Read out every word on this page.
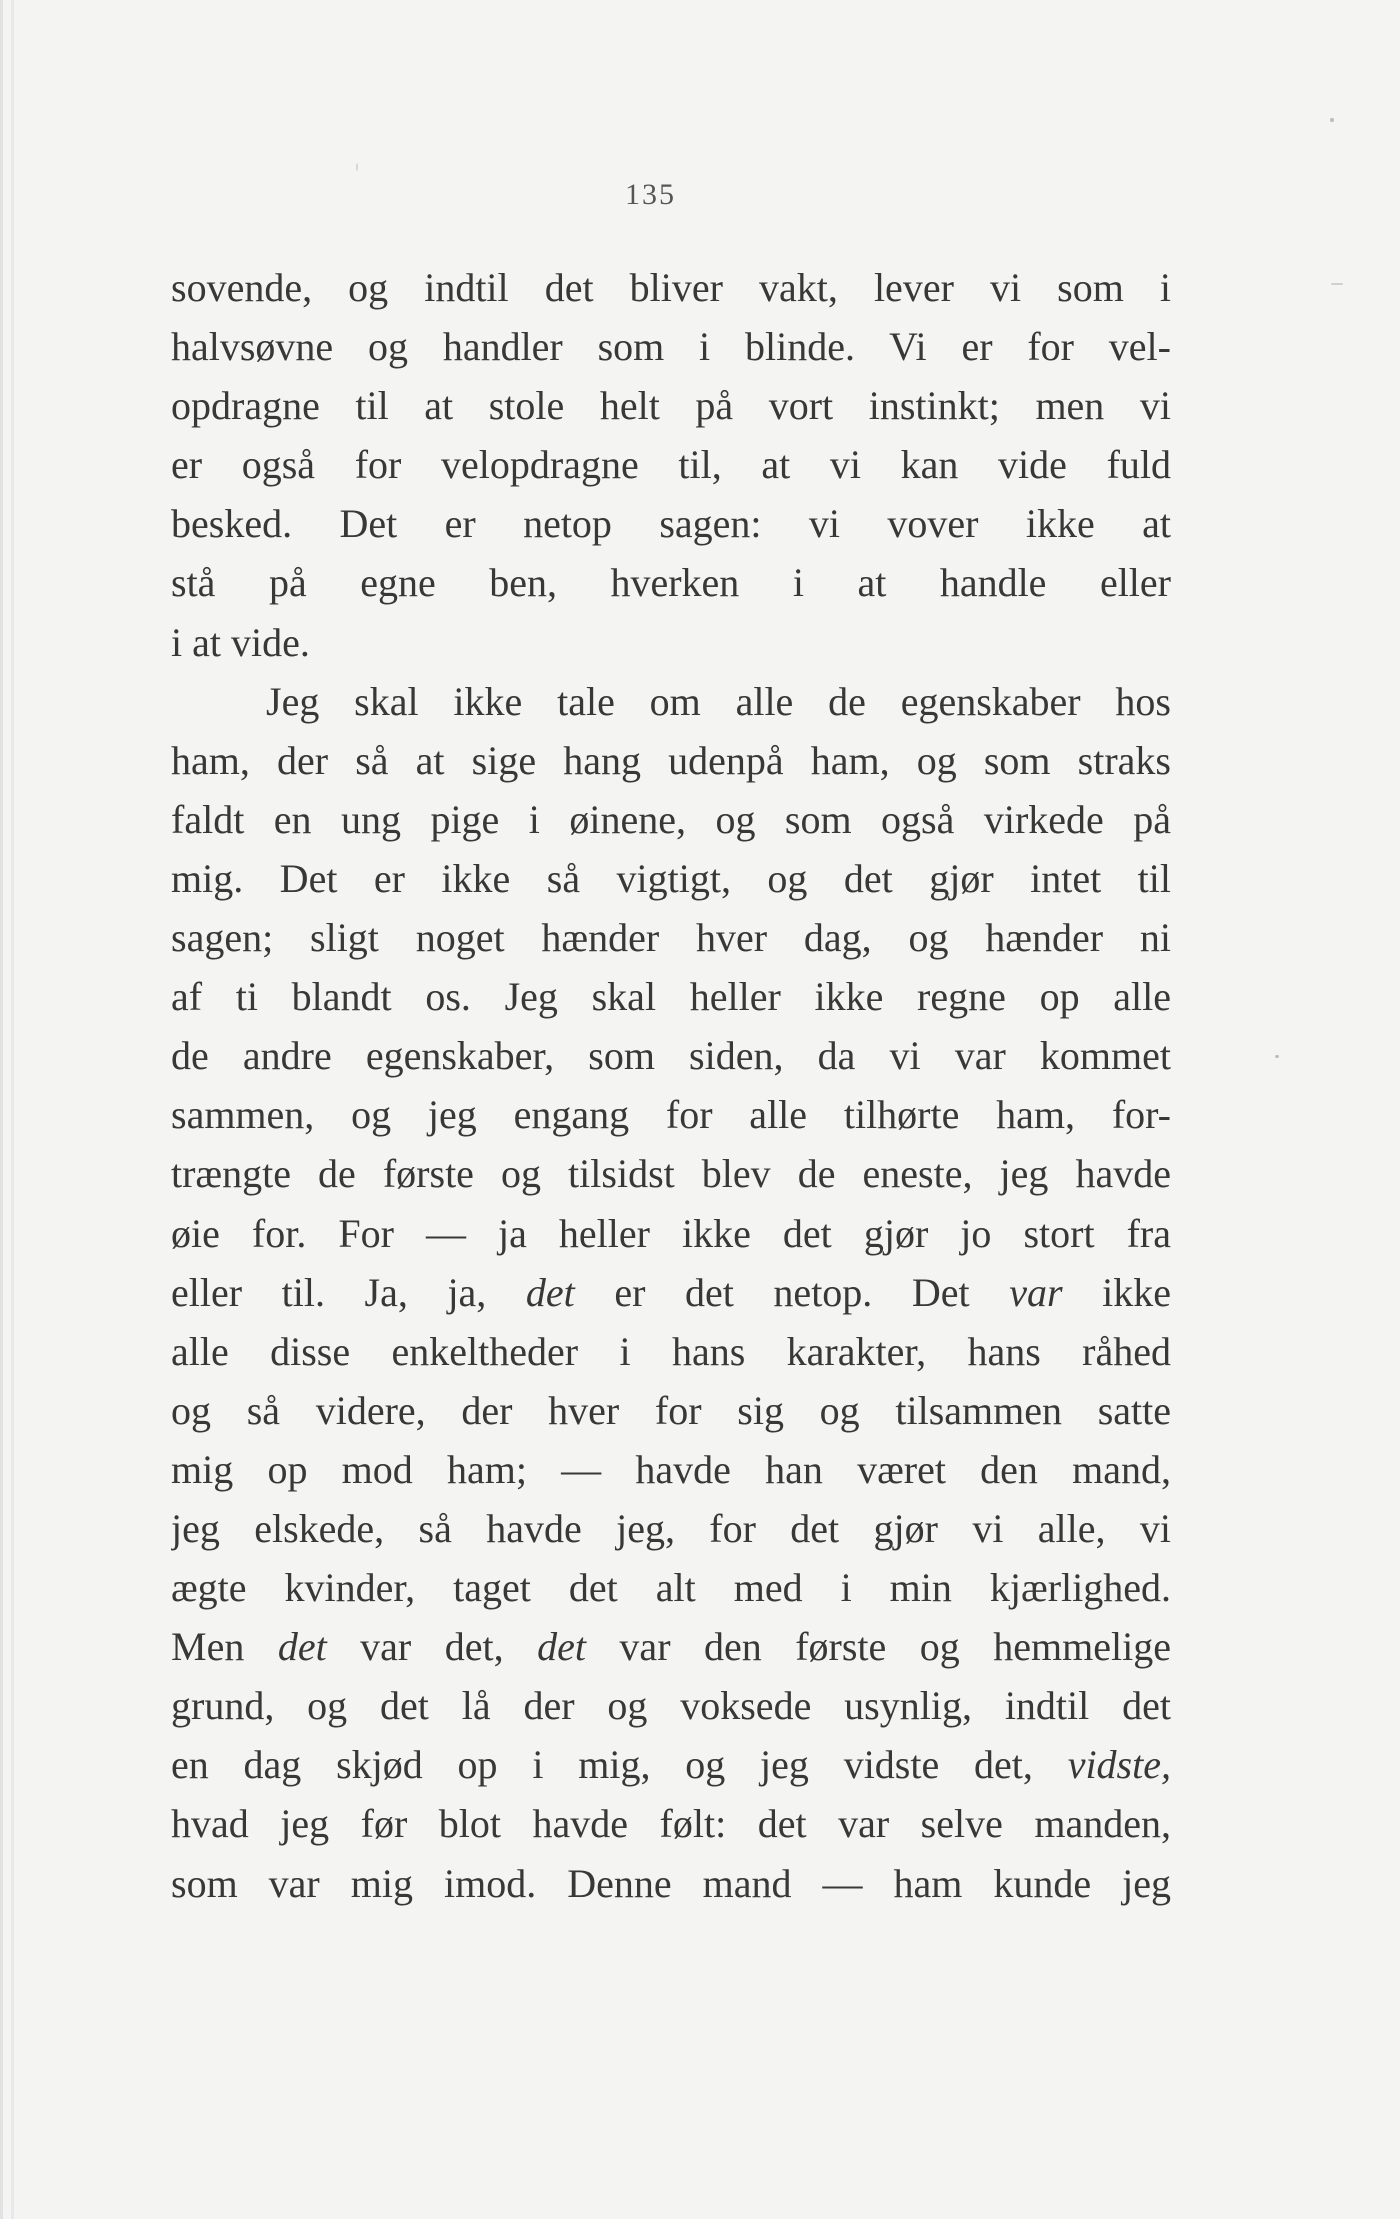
135
sovende, og indtil det bliver vakt, lever vi som i
halvsøvne og handler som i blinde. Vi er for vel-
opdragne til at stole helt på vort instinkt; men vi
er også for velopdragne til, at vi kan vide fuld
besked. Det er netop sagen: vi vover ikke at
stå på egne ben, hverken i at handle eller
i at vide.
Jeg skal ikke tale om alle de egenskaber hos
ham, der så at sige hang udenpå ham, og som straks
faldt en ung pige i øinene, og som også virkede på
mig. Det er ikke så vigtigt, og det gjør intet til
sagen; sligt noget hænder hver dag, og hænder ni
af ti blandt os. Jeg skal heller ikke regne op alle
de andre egenskaber, som siden, da vi var kommet
sammen, og jeg engang for alle tilhørte ham, for-
trængte de første og tilsidst blev de eneste, jeg havde
øie for. For — ja heller ikke det gjør jo stort fra
eller til. Ja, ja, det er det netop. Det var ikke
alle disse enkeltheder i hans karakter, hans råhed
og så videre, der hver for sig og tilsammen satte
mig op mod ham; — havde han været den mand,
jeg elskede, så havde jeg, for det gjør vi alle, vi
ægte kvinder, taget det alt med i min kjærlighed.
Men det var det, det var den første og hemmelige
grund, og det lå der og voksede usynlig, indtil det
en dag skjød op i mig, og jeg vidste det, vidste,
hvad jeg før blot havde følt: det var selve manden,
som var mig imod. Denne mand — ham kunde jeg
